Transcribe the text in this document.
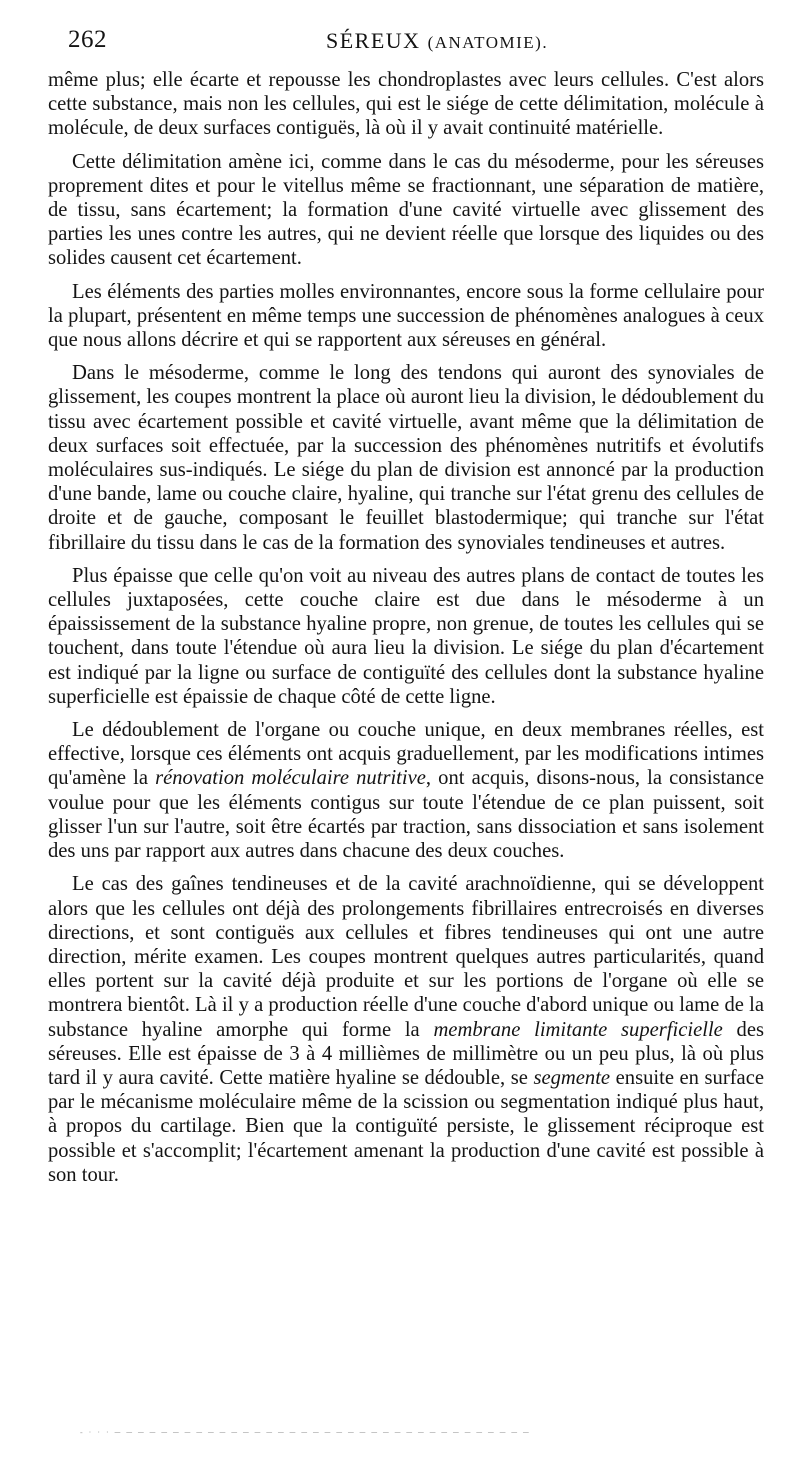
262	SÉREUX (ANATOMIE).

même plus; elle écarte et repousse les chondroplastes avec leurs cellules. C'est alors cette substance, mais non les cellules, qui est le siége de cette délimitation, molécule à molécule, de deux surfaces contiguës, là où il y avait continuité matérielle.

Cette délimitation amène ici, comme dans le cas du mésoderme, pour les séreuses proprement dites et pour le vitellus même se fractionnant, une séparation de matière, de tissu, sans écartement; la formation d'une cavité virtuelle avec glissement des parties les unes contre les autres, qui ne devient réelle que lorsque des liquides ou des solides causent cet écartement.

Les éléments des parties molles environnantes, encore sous la forme cellulaire pour la plupart, présentent en même temps une succession de phénomènes analogues à ceux que nous allons décrire et qui se rapportent aux séreuses en général.

Dans le mésoderme, comme le long des tendons qui auront des synoviales de glissement, les coupes montrent la place où auront lieu la division, le dédoublement du tissu avec écartement possible et cavité virtuelle, avant même que la délimitation de deux surfaces soit effectuée, par la succession des phénomènes nutritifs et évolutifs moléculaires sus-indiqués. Le siége du plan de division est annoncé par la production d'une bande, lame ou couche claire, hyaline, qui tranche sur l'état grenu des cellules de droite et de gauche, composant le feuillet blastodermique; qui tranche sur l'état fibrillaire du tissu dans le cas de la formation des synoviales tendineuses et autres.

Plus épaisse que celle qu'on voit au niveau des autres plans de contact de toutes les cellules juxtaposées, cette couche claire est due dans le mésoderme à un épaississement de la substance hyaline propre, non grenue, de toutes les cellules qui se touchent, dans toute l'étendue où aura lieu la division. Le siége du plan d'écartement est indiqué par la ligne ou surface de contiguïté des cellules dont la substance hyaline superficielle est épaissie de chaque côté de cette ligne.

Le dédoublement de l'organe ou couche unique, en deux membranes réelles, est effective, lorsque ces éléments ont acquis graduellement, par les modifications intimes qu'amène la rénovation moléculaire nutritive, ont acquis, disons-nous, la consistance voulue pour que les éléments contigus sur toute l'étendue de ce plan puissent, soit glisser l'un sur l'autre, soit être écartés par traction, sans dissociation et sans isolement des uns par rapport aux autres dans chacune des deux couches.

Le cas des gaînes tendineuses et de la cavité arachnoïdienne, qui se développent alors que les cellules ont déjà des prolongements fibrillaires entrecroisés en diverses directions, et sont contiguës aux cellules et fibres tendineuses qui ont une autre direction, mérite examen. Les coupes montrent quelques autres particularités, quand elles portent sur la cavité déjà produite et sur les portions de l'organe où elle se montrera bientôt. Là il y a production réelle d'une couche d'abord unique ou lame de la substance hyaline amorphe qui forme la membrane limitante superficielle des séreuses. Elle est épaisse de 3 à 4 millièmes de millimètre ou un peu plus, là où plus tard il y aura cavité. Cette matière hyaline se dédouble, se segmente ensuite en surface par le mécanisme moléculaire même de la scission ou segmentation indiqué plus haut, à propos du cartilage. Bien que la contiguïté persiste, le glissement réciproque est possible et s'accomplit; l'écartement amenant la production d'une cavité est possible à son tour.

- · · · ─ ─ ─ ─ ─ ─ ─ ─ ─ ─ ─ ─ ─ ─ ─ ─ ─ ─ ─ ─ ─ ─ ─ ─ ─ ─ ─ ─ ─ ─ ─ ─ ─ ─ ─ ─
